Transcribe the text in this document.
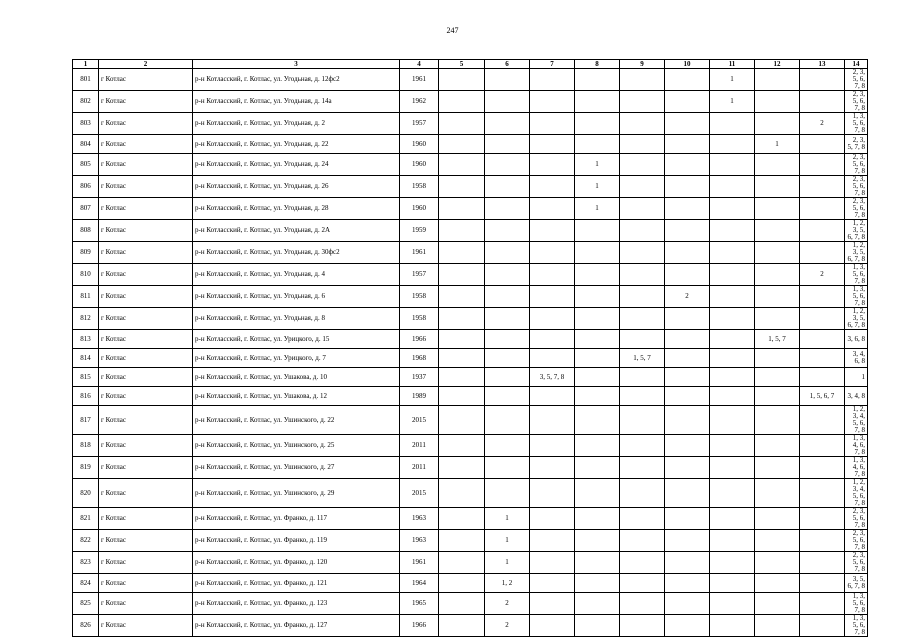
247
1	2	3	4	5	6	7	8	9	10	11	12	13	14
801	г Котлас	р-н Котласский, г. Котлас, ул. Угодьная, д. 12фс2	1961							1			2, 3, 5, 6, 7, 8
802	г Котлас	р-н Котласский, г. Котлас, ул. Угодьная, д. 14а	1962							1			2, 3, 5, 6, 7, 8
803	г Котлас	р-н Котласский, г. Котлас, ул. Угодьная, д. 2	1957									2	1, 3, 5, 6, 7, 8
804	г Котлас	р-н Котласский, г. Котлас, ул. Угодьная, д. 22	1960								1		2, 3, 5, 7, 8
805	г Котлас	р-н Котласский, г. Котлас, ул. Угодьная, д. 24	1960				1						2, 3, 5, 6, 7, 8
806	г Котлас	р-н Котласский, г. Котлас, ул. Угодьная, д. 26	1958				1						2, 3, 5, 6, 7, 8
807	г Котлас	р-н Котласский, г. Котлас, ул. Угодьная, д. 28	1960				1						2, 3, 5, 6, 7, 8
808	г Котлас	р-н Котласский, г. Котлас, ул. Угодьная, д. 2А	1959										1, 2, 3, 5, 6, 7, 8
809	г Котлас	р-н Котласский, г. Котлас, ул. Угодьная, д. 30фс2	1961										1, 2, 3, 5, 6, 7, 8
810	г Котлас	р-н Котласский, г. Котлас, ул. Угодьная, д. 4	1957									2	1, 3, 5, 6, 7, 8
811	г Котлас	р-н Котласский, г. Котлас, ул. Угодьная, д. 6	1958						2				1, 3, 5, 6, 7, 8
812	г Котлас	р-н Котласский, г. Котлас, ул. Угодьная, д. 8	1958										1, 2, 3, 5, 6, 7, 8
813	г Котлас	р-н Котласский, г. Котлас, ул. Урицкого, д. 15	1966								1, 5, 7		3, 6, 8
814	г Котлас	р-н Котласский, г. Котлас, ул. Урицкого, д. 7	1968					1, 5, 7					3, 4, 6, 8
815	г Котлас	р-н Котласский, г. Котлас, ул. Ушакова, д. 10	1937			3, 5, 7, 8							1
816	г Котлас	р-н Котласский, г. Котлас, ул. Ушакова, д. 12	1989									1, 5, 6, 7	3, 4, 8
817	г Котлас	р-н Котласский, г. Котлас, ул. Ушинского, д. 22	2015										1, 2, 3, 4, 5, 6, 7, 8
818	г Котлас	р-н Котласский, г. Котлас, ул. Ушинского, д. 25	2011										1, 3, 4, 6, 7, 8
819	г Котлас	р-н Котласский, г. Котлас, ул. Ушинского, д. 27	2011										1, 3, 4, 6, 7, 8
820	г Котлас	р-н Котласский, г. Котлас, ул. Ушинского, д. 29	2015										1, 2, 3, 4, 5, 6, 7, 8
821	г Котлас	р-н Котласский, г. Котлас, ул. Франко, д. 117	1963		1								2, 3, 5, 6, 7, 8
822	г Котлас	р-н Котласский, г. Котлас, ул. Франко, д. 119	1963		1								2, 3, 5, 6, 7, 8
823	г Котлас	р-н Котласский, г. Котлас, ул. Франко, д. 120	1961		1								2, 3, 5, 6, 7, 8
824	г Котлас	р-н Котласский, г. Котлас, ул. Франко, д. 121	1964		1, 2								3, 5, 6, 7, 8
825	г Котлас	р-н Котласский, г. Котлас, ул. Франко, д. 123	1965		2								1, 3, 5, 6, 7, 8
826	г Котлас	р-н Котласский, г. Котлас, ул. Франко, д. 127	1966		2								1, 3, 5, 6, 7, 8
